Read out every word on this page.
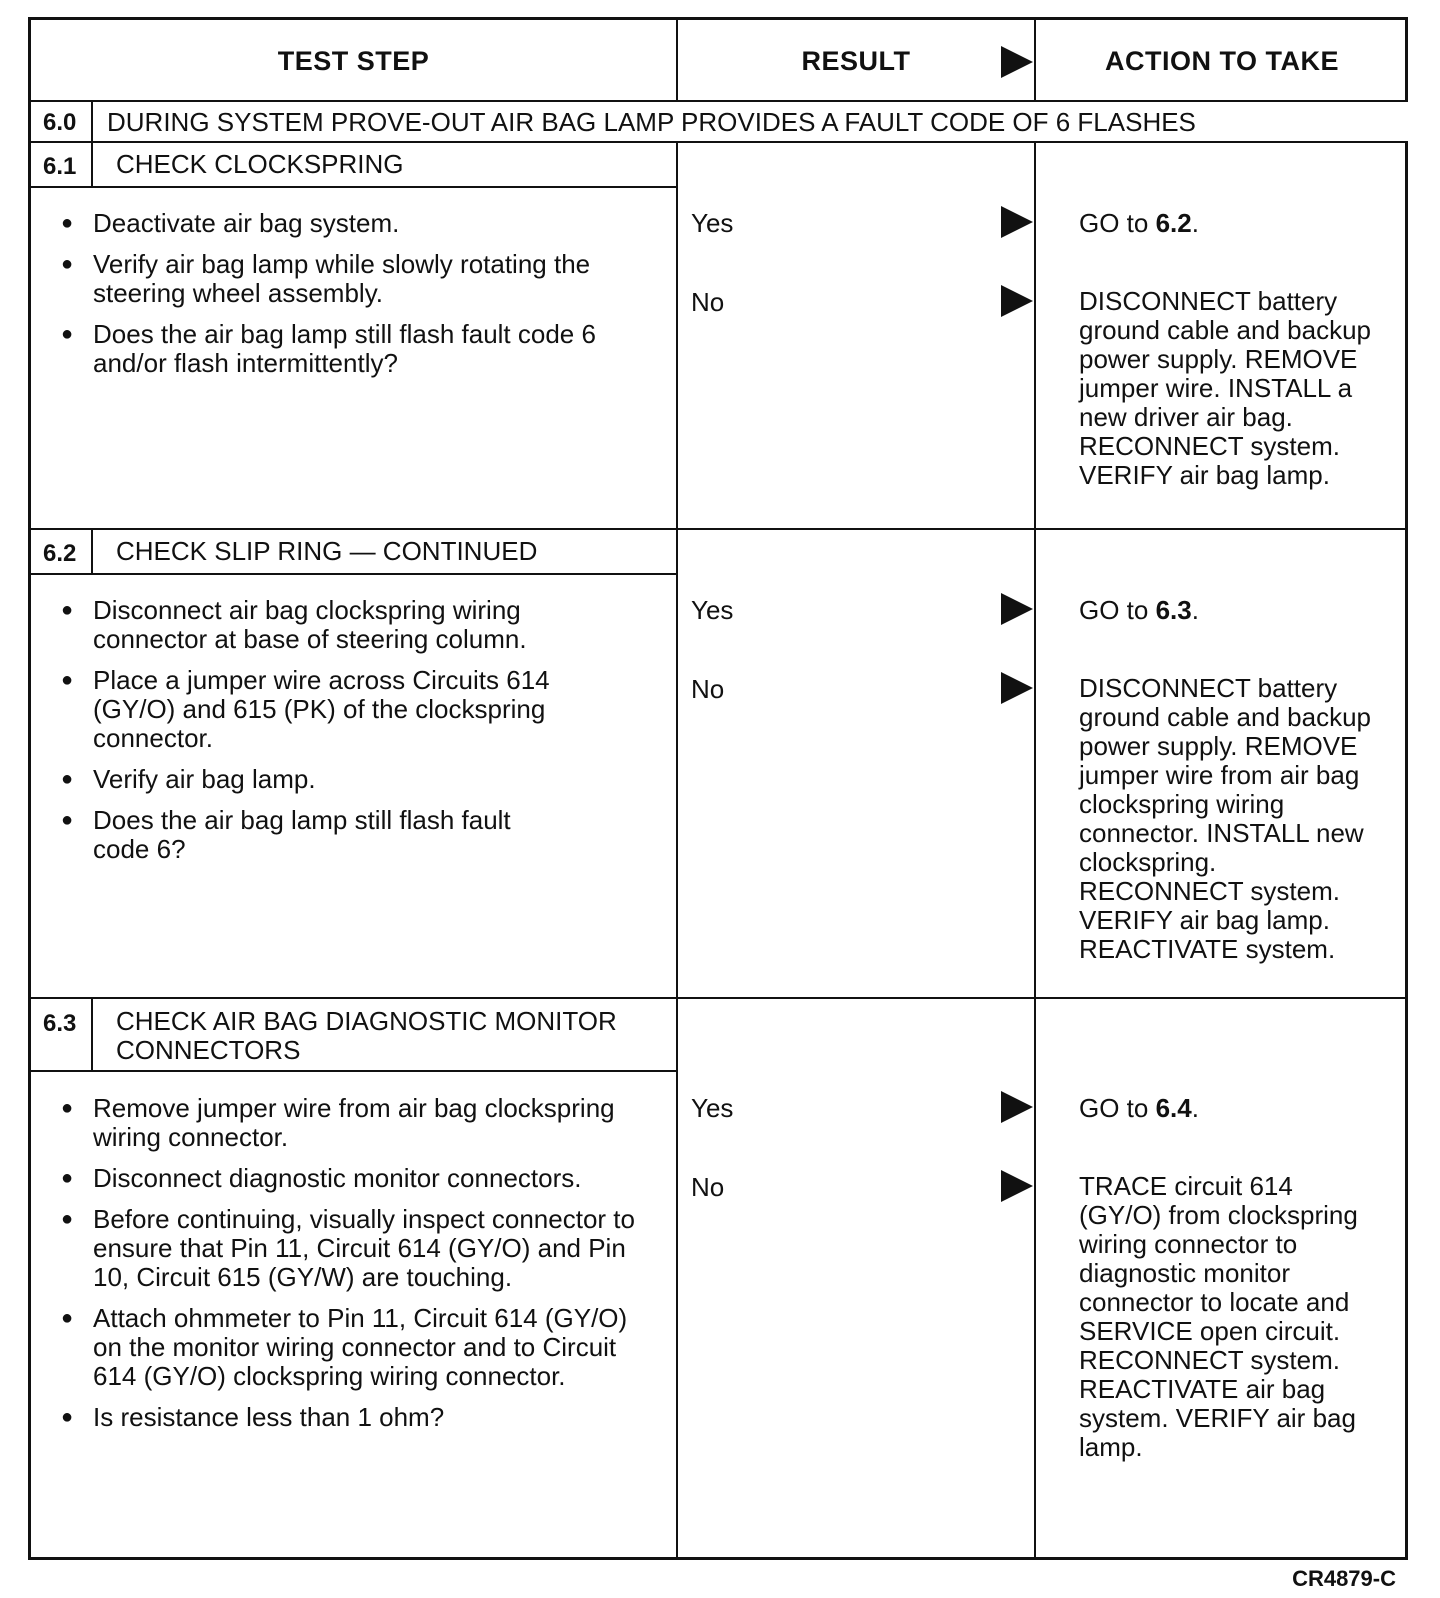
TEST STEP	RESULT	ACTION TO TAKE
6.0 DURING SYSTEM PROVE-OUT AIR BAG LAMP PROVIDES A FAULT CODE OF 6 FLASHES
6.1 CHECK CLOCKSPRING
● Deactivate air bag system.
● Verify air bag lamp while slowly rotating the steering wheel assembly.
● Does the air bag lamp still flash fault code 6 and/or flash intermittently?
Yes
No
GO to 6.2.
DISCONNECT battery ground cable and backup power supply. REMOVE jumper wire. INSTALL a new driver air bag. RECONNECT system. VERIFY air bag lamp.
6.2 CHECK SLIP RING — CONTINUED
● Disconnect air bag clockspring wiring connector at base of steering column.
● Place a jumper wire across Circuits 614 (GY/O) and 615 (PK) of the clockspring connector.
● Verify air bag lamp.
● Does the air bag lamp still flash fault code 6?
Yes
No
GO to 6.3.
DISCONNECT battery ground cable and backup power supply. REMOVE jumper wire from air bag clockspring wiring connector. INSTALL new clockspring. RECONNECT system. VERIFY air bag lamp. REACTIVATE system.
6.3 CHECK AIR BAG DIAGNOSTIC MONITOR CONNECTORS
● Remove jumper wire from air bag clockspring wiring connector.
● Disconnect diagnostic monitor connectors.
● Before continuing, visually inspect connector to ensure that Pin 11, Circuit 614 (GY/O) and Pin 10, Circuit 615 (GY/W) are touching.
● Attach ohmmeter to Pin 11, Circuit 614 (GY/O) on the monitor wiring connector and to Circuit 614 (GY/O) clockspring wiring connector.
● Is resistance less than 1 ohm?
Yes
No
GO to 6.4.
TRACE circuit 614 (GY/O) from clockspring wiring connector to diagnostic monitor connector to locate and SERVICE open circuit. RECONNECT system. REACTIVATE air bag system. VERIFY air bag lamp.
CR4879-C
